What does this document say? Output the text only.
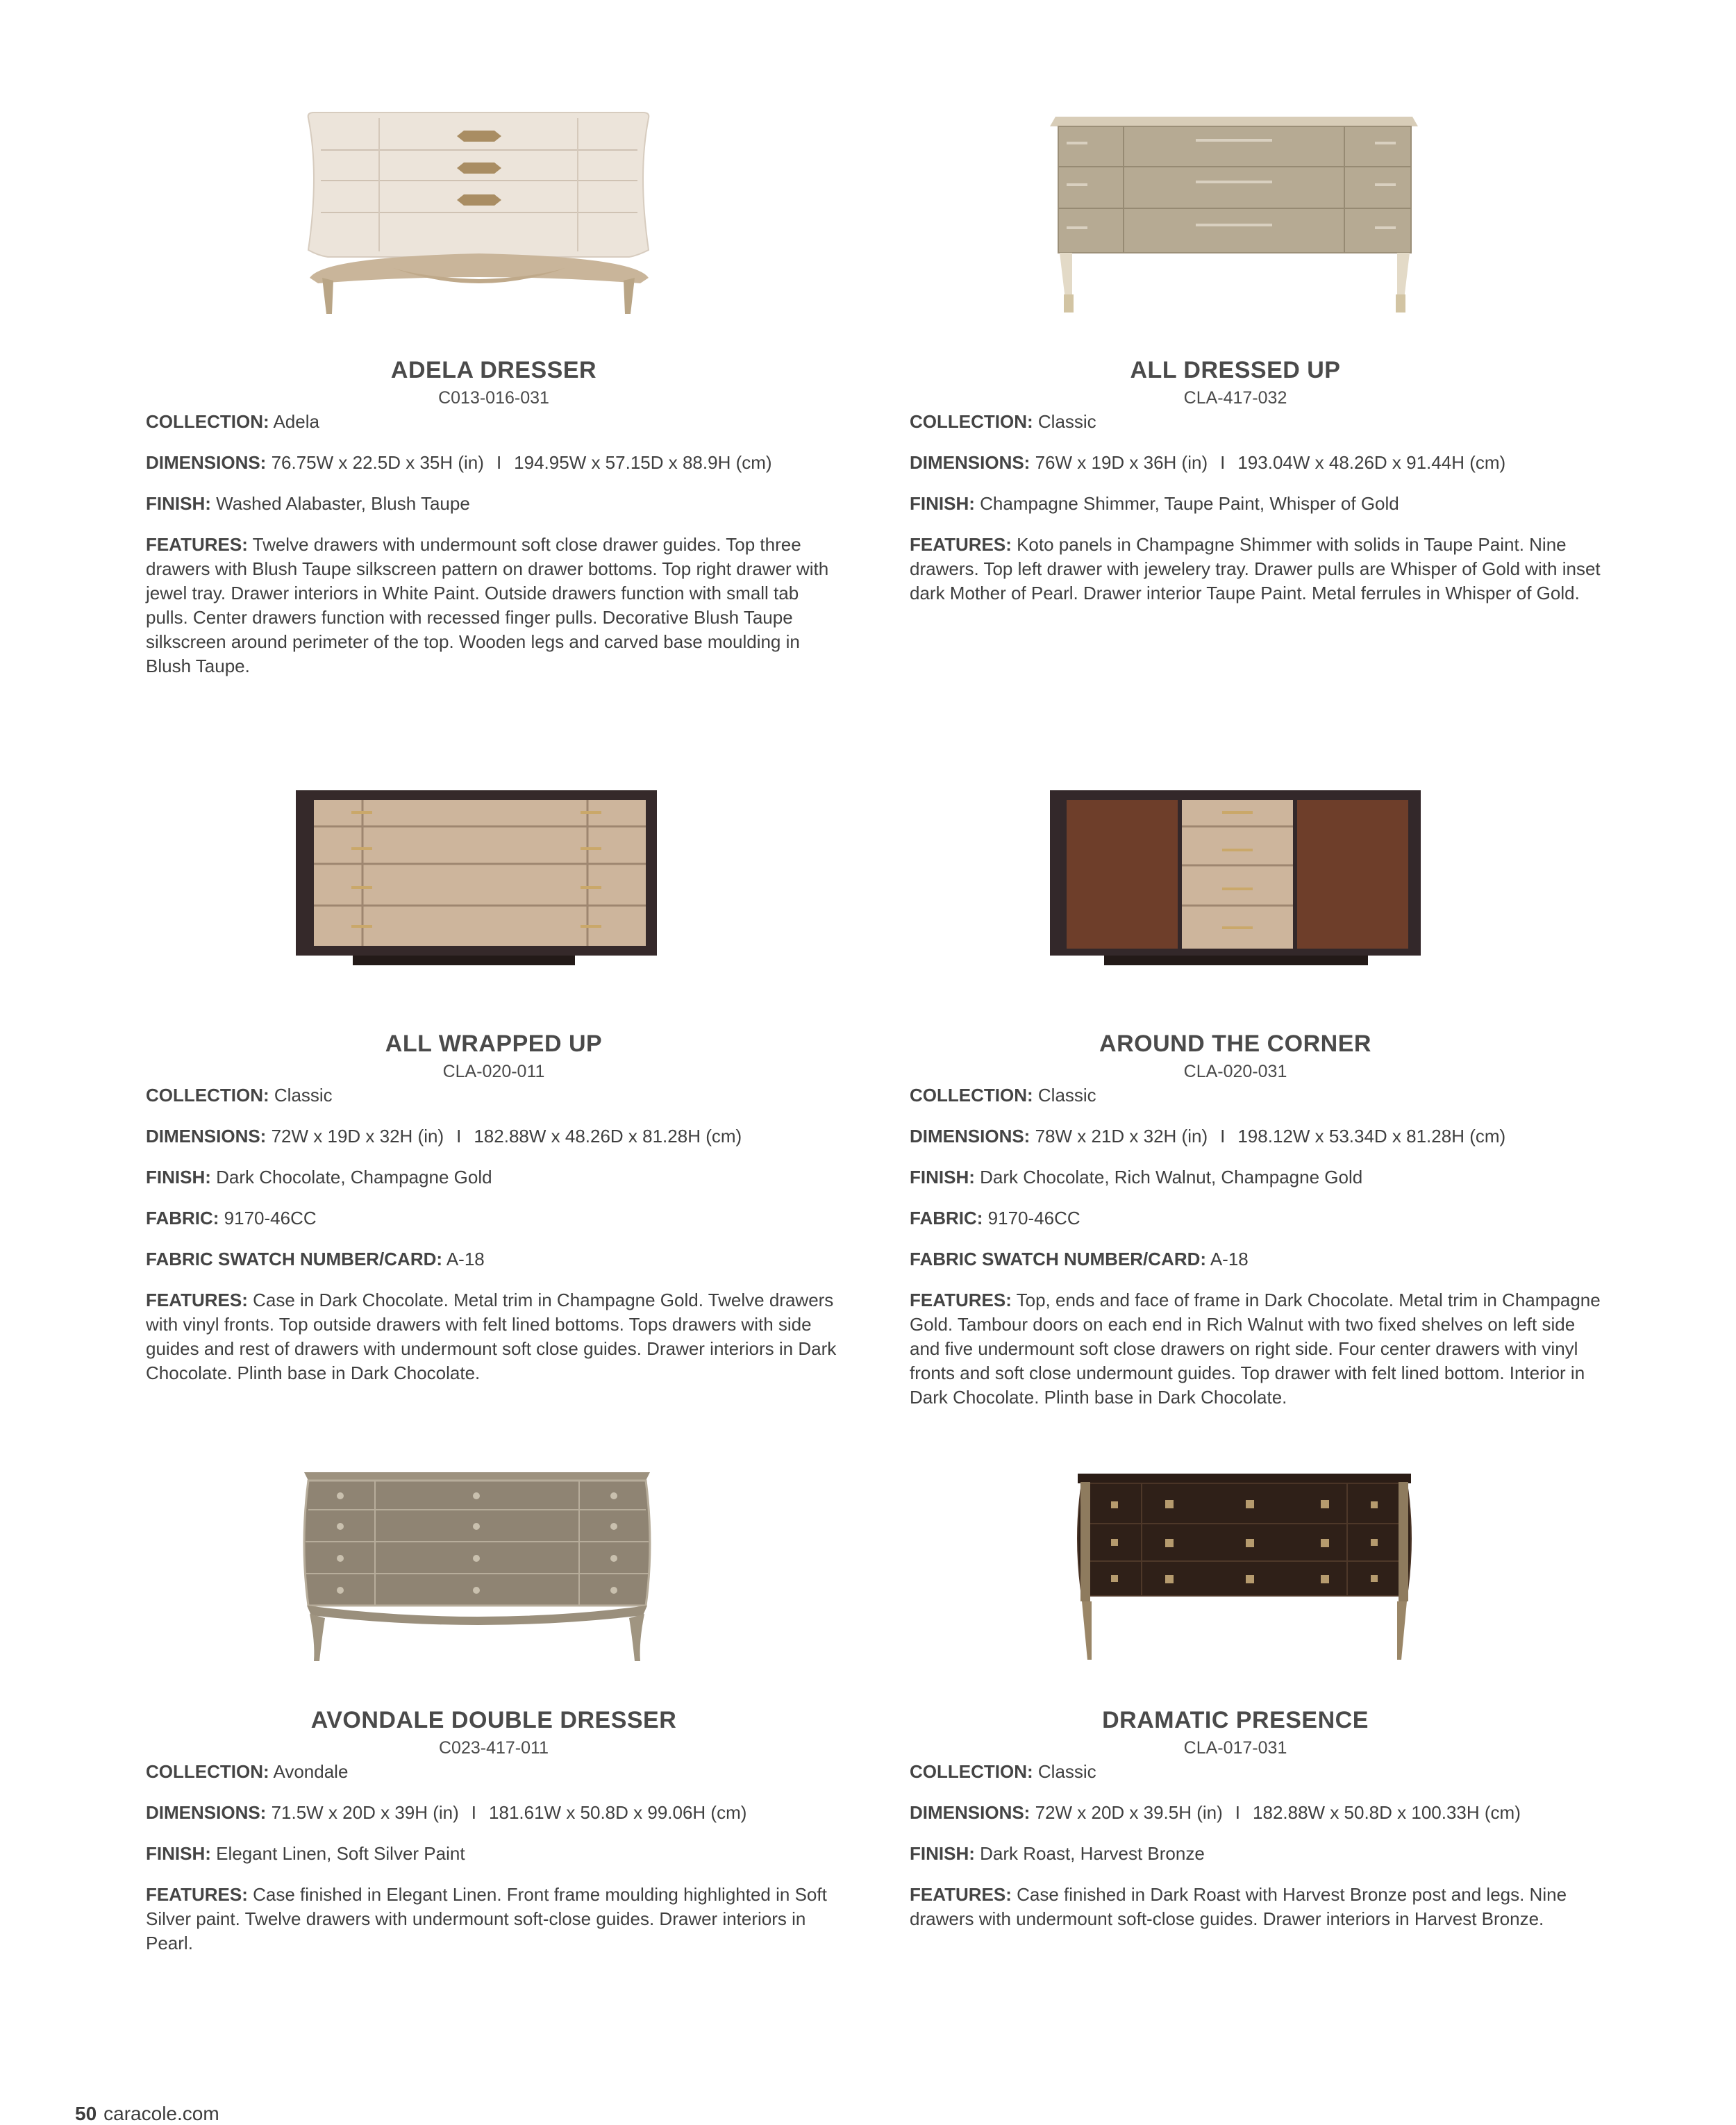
ADELA DRESSER
C013-016-031
COLLECTION: Adela
DIMENSIONS: 76.75W x 22.5D x 35H (in) I 194.95W x 57.15D x 88.9H (cm)
FINISH: Washed Alabaster, Blush Taupe
FEATURES: Twelve drawers with undermount soft close drawer guides. Top three drawers with Blush Taupe silkscreen pattern on drawer bottoms. Top right drawer with jewel tray. Drawer interiors in White Paint. Outside drawers function with small tab pulls. Center drawers function with recessed finger pulls. Decorative Blush Taupe silkscreen around perimeter of the top. Wooden legs and carved base moulding in Blush Taupe.
ALL DRESSED UP
CLA-417-032
COLLECTION: Classic
DIMENSIONS: 76W x 19D x 36H (in) I 193.04W x 48.26D x 91.44H (cm)
FINISH: Champagne Shimmer, Taupe Paint, Whisper of Gold
FEATURES: Koto panels in Champagne Shimmer with solids in Taupe Paint. Nine drawers. Top left drawer with jewelery tray. Drawer pulls are Whisper of Gold with inset dark Mother of Pearl. Drawer interior Taupe Paint. Metal ferrules in Whisper of Gold.
ALL WRAPPED UP
CLA-020-011
COLLECTION: Classic
DIMENSIONS: 72W x 19D x 32H (in) I 182.88W x 48.26D x 81.28H (cm)
FINISH: Dark Chocolate, Champagne Gold
FABRIC: 9170-46CC
FABRIC SWATCH NUMBER/CARD: A-18
FEATURES: Case in Dark Chocolate. Metal trim in Champagne Gold. Twelve drawers with vinyl fronts. Top outside drawers with felt lined bottoms. Tops drawers with side guides and rest of drawers with undermount soft close guides. Drawer interiors in Dark Chocolate. Plinth base in Dark Chocolate.
AROUND THE CORNER
CLA-020-031
COLLECTION: Classic
DIMENSIONS: 78W x 21D x 32H (in) I 198.12W x 53.34D x 81.28H (cm)
FINISH: Dark Chocolate, Rich Walnut, Champagne Gold
FABRIC: 9170-46CC
FABRIC SWATCH NUMBER/CARD: A-18
FEATURES: Top, ends and face of frame in Dark Chocolate. Metal trim in Champagne Gold. Tambour doors on each end in Rich Walnut with two fixed shelves on left side and five undermount soft close drawers on right side. Four center drawers with vinyl fronts and soft close undermount guides. Top drawer with felt lined bottom. Interior in Dark Chocolate. Plinth base in Dark Chocolate.
AVONDALE DOUBLE DRESSER
C023-417-011
COLLECTION: Avondale
DIMENSIONS: 71.5W x 20D x 39H (in) I 181.61W x 50.8D x 99.06H (cm)
FINISH: Elegant Linen, Soft Silver Paint
FEATURES: Case finished in Elegant Linen. Front frame moulding highlighted in Soft Silver paint. Twelve drawers with undermount soft-close guides. Drawer interiors in Pearl.
DRAMATIC PRESENCE
CLA-017-031
COLLECTION: Classic
DIMENSIONS: 72W x 20D x 39.5H (in) I 182.88W x 50.8D x 100.33H (cm)
FINISH: Dark Roast, Harvest Bronze
FEATURES: Case finished in Dark Roast with Harvest Bronze post and legs. Nine drawers with undermount soft-close guides. Drawer interiors in Harvest Bronze.
50 caracole.com
